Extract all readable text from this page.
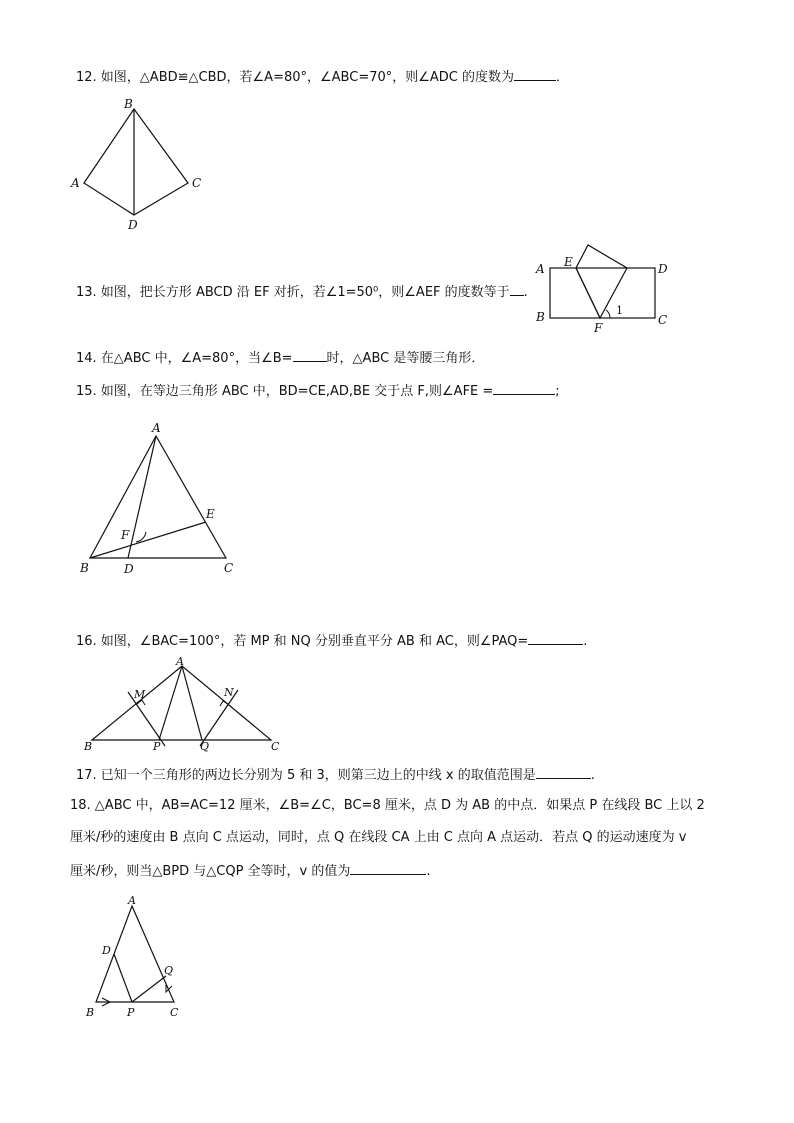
12. 如图，△ABD≌△CBD，若∠A=80°，∠ABC=70°，则∠ADC 的度数为	．
B
A	C
D
13. 如图，把长方形 ABCD 沿 EF 对折，若∠1=50⁰，则∠AEF 的度数等于 .
A E	D
B
F
C
1
14. 在△ABC 中，∠A=80°，当∠B=	时，△ABC 是等腰三角形．
15. 如图，在等边三角形 ABC 中，BD=CE,AD,BE 交于点 F,则∠AFE =	;
A
E
F
B	D	C
16. 如图，∠BAC=100°，若 MP 和 NQ 分别垂直平分 AB 和 AC，则∠PAQ=	.
A
M	N
B	P	Q	C
17. 已知一个三角形的两边长分别为 5 和 3，则第三边上的中线 x 的取值范围是	.
18. △ABC 中，AB=AC=12 厘米，∠B=∠C，BC=8 厘米，点 D 为 AB 的中点．如果点 P 在线段 BC 上以 2
厘米/秒的速度由 B 点向 C 点运动，同时，点 Q 在线段 CA 上由 C 点向 A 点运动．若点 Q 的运动速度为 v
厘米/秒，则当△BPD 与△CQP 全等时，v 的值为	.
A
D
Q
B	P	C
